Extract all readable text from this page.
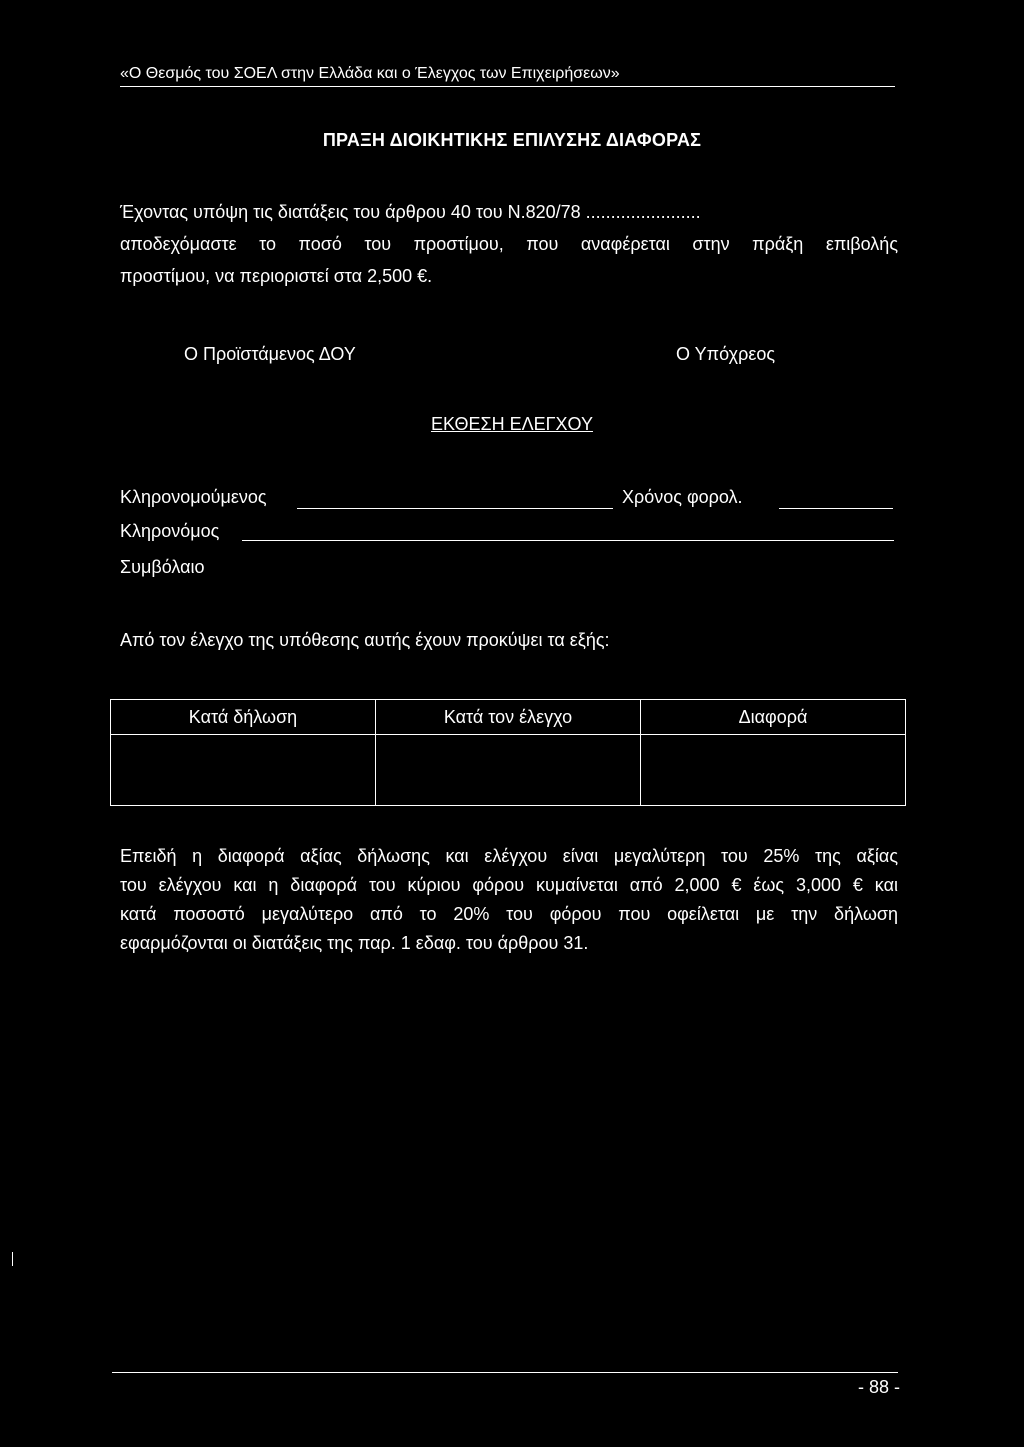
«Ο Θεσμός του ΣΟΕΛ στην Ελλάδα και ο Έλεγχος των Επιχειρήσεων»
ΠΡΑΞΗ ΔΙΟΙΚΗΤΙΚΗΣ ΕΠΙΛΥΣΗΣ ΔΙΑΦΟΡΑΣ
Έχοντας υπόψη τις διατάξεις του άρθρου 40 του Ν.820/78 .......................
αποδεχόμαστε το ποσό του προστίμου, που αναφέρεται στην πράξη επιβολής
προστίμου, να περιοριστεί στα 2,500 €.
Ο Προϊστάμενος ΔΟΥ	Ο Υπόχρεος
ΕΚΘΕΣΗ ΕΛΕΓΧΟΥ
Κληρονομούμενος	Χρόνος φορολ.
Κληρονόμος
Συμβόλαιο
Από τον έλεγχο της υπόθεσης αυτής έχουν προκύψει τα εξής:
Κατά δήλωση	Κατά τον έλεγχο	Διαφορά

Επειδή η διαφορά αξίας δήλωσης και ελέγχου είναι μεγαλύτερη του 25% της αξίας
του ελέγχου και η διαφορά του κύριου φόρου κυμαίνεται από 2,000 € έως 3,000 € και
κατά ποσοστό μεγαλύτερο από το 20% του φόρου που οφείλεται με την δήλωση
εφαρμόζονται οι διατάξεις της παρ. 1 εδαφ. του άρθρου 31.
- 88 -
